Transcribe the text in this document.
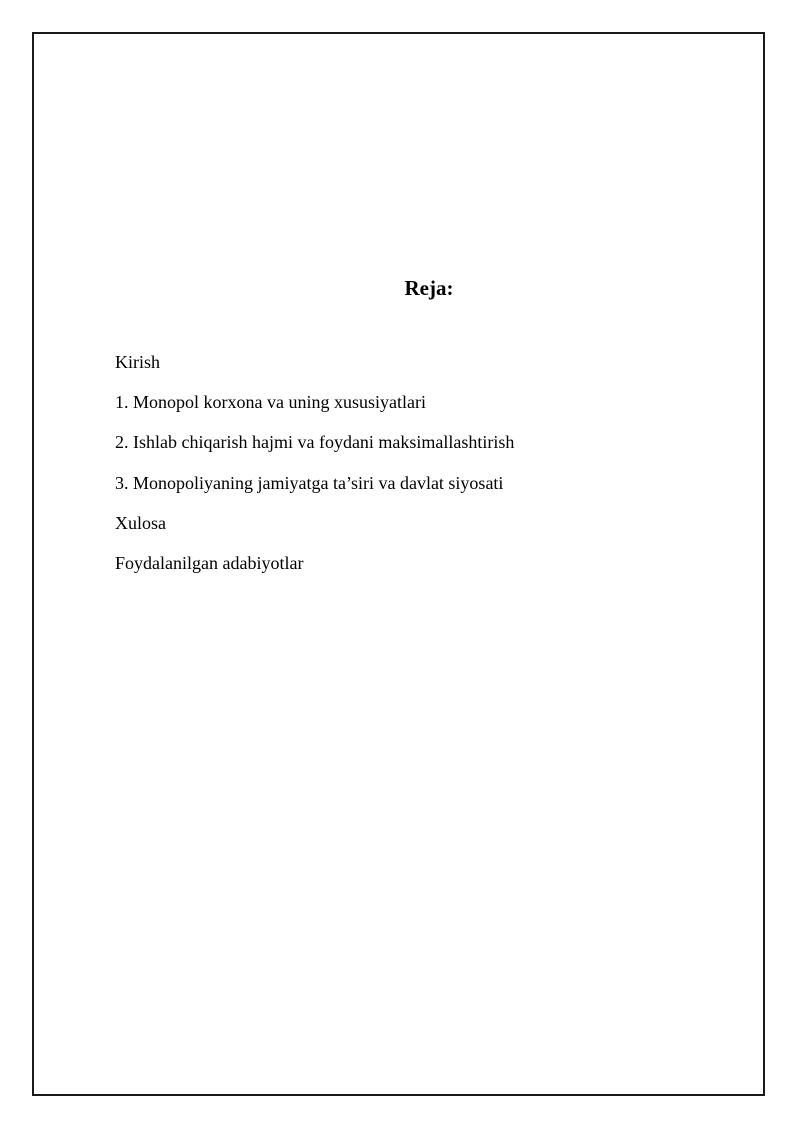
Reja:
Kirish
1. Monopol korxona va uning xususiyatlari
2. Ishlab chiqarish hajmi va foydani maksimallashtirish
3. Monopoliyaning jamiyatga ta’siri va davlat siyosati
Xulosa
Foydalanilgan adabiyotlar
